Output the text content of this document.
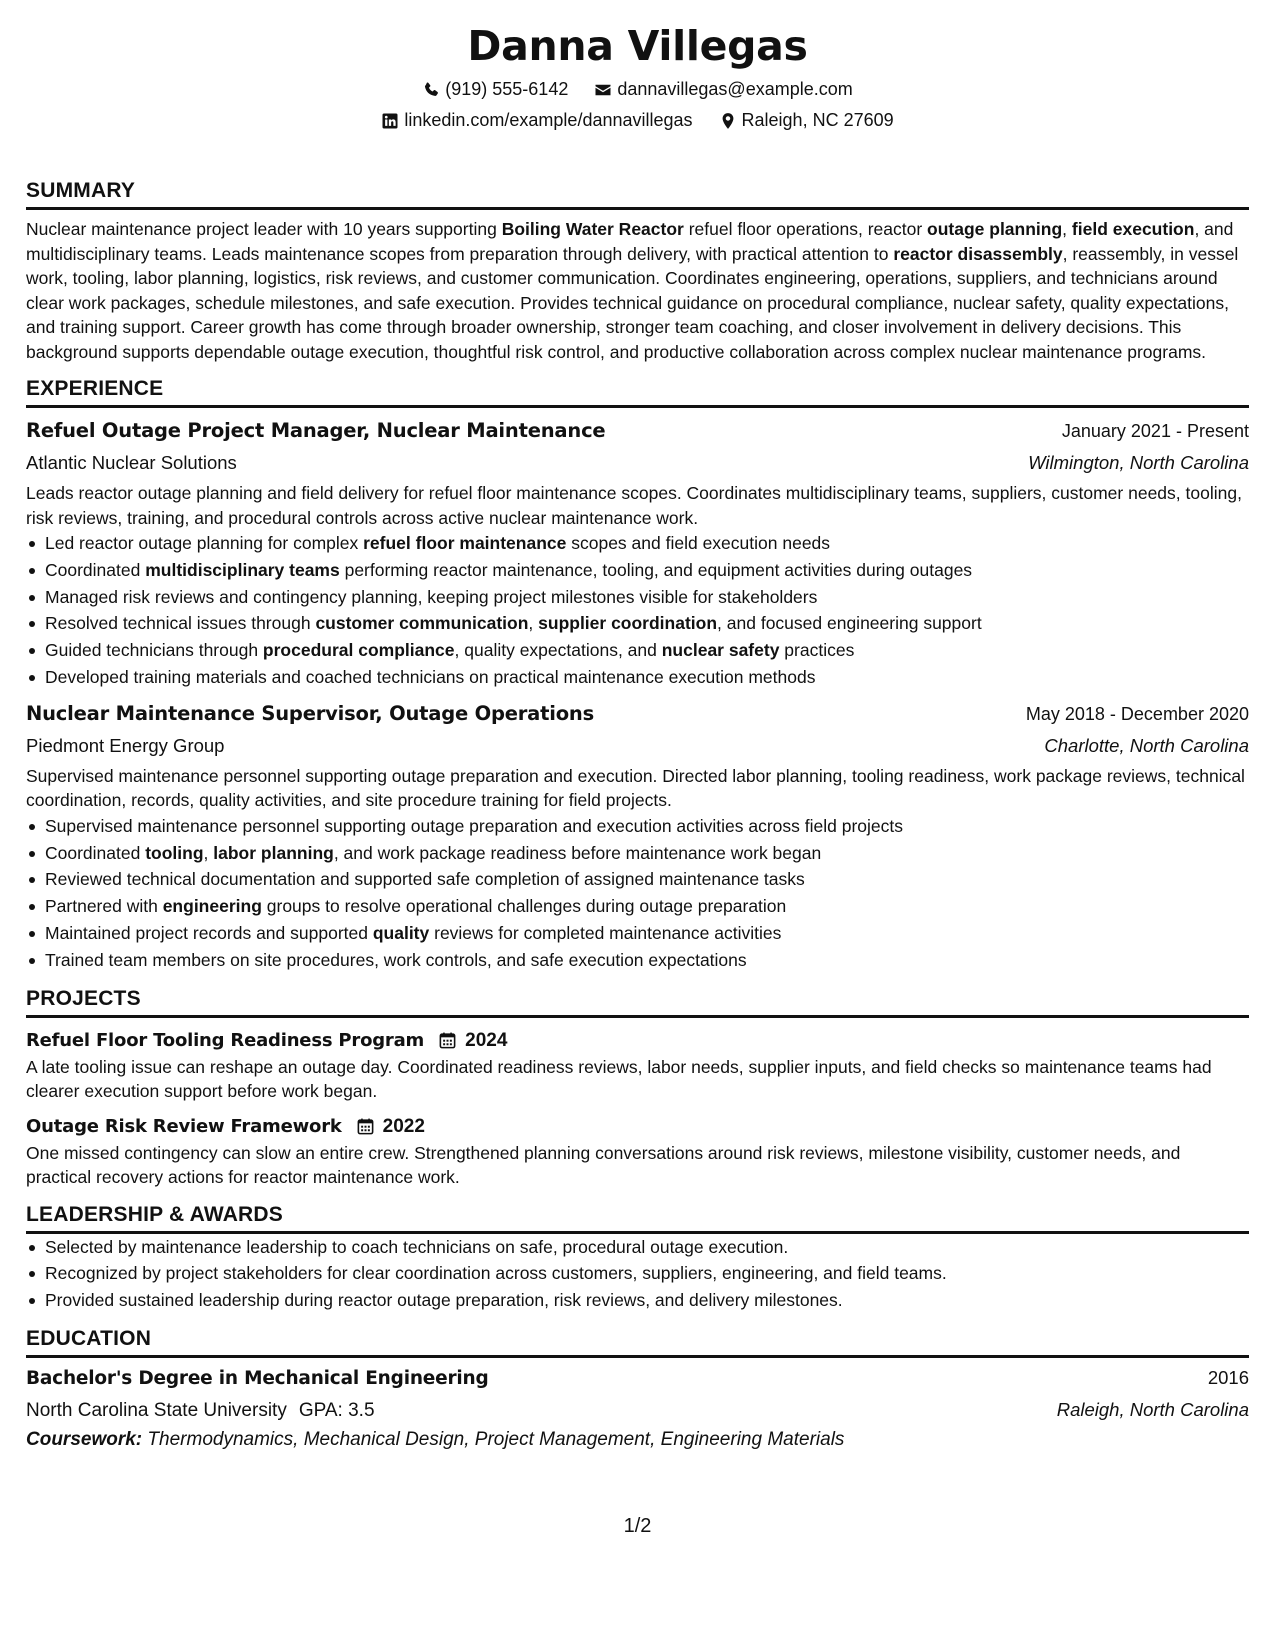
Danna Villegas
(919) 555-6142	dannavillegas@example.com
linkedin.com/example/dannavillegas	Raleigh, NC 27609
SUMMARY
Nuclear maintenance project leader with 10 years supporting Boiling Water Reactor refuel floor operations, reactor outage planning, field execution, and multidisciplinary teams. Leads maintenance scopes from preparation through delivery, with practical attention to reactor disassembly, reassembly, in vessel work, tooling, labor planning, logistics, risk reviews, and customer communication. Coordinates engineering, operations, suppliers, and technicians around clear work packages, schedule milestones, and safe execution. Provides technical guidance on procedural compliance, nuclear safety, quality expectations, and training support. Career growth has come through broader ownership, stronger team coaching, and closer involvement in delivery decisions. This background supports dependable outage execution, thoughtful risk control, and productive collaboration across complex nuclear maintenance programs.
EXPERIENCE
Refuel Outage Project Manager, Nuclear Maintenance	January 2021 - Present
Atlantic Nuclear Solutions	Wilmington, North Carolina
Leads reactor outage planning and field delivery for refuel floor maintenance scopes. Coordinates multidisciplinary teams, suppliers, customer needs, tooling, risk reviews, training, and procedural controls across active nuclear maintenance work.
Led reactor outage planning for complex refuel floor maintenance scopes and field execution needs
Coordinated multidisciplinary teams performing reactor maintenance, tooling, and equipment activities during outages
Managed risk reviews and contingency planning, keeping project milestones visible for stakeholders
Resolved technical issues through customer communication, supplier coordination, and focused engineering support
Guided technicians through procedural compliance, quality expectations, and nuclear safety practices
Developed training materials and coached technicians on practical maintenance execution methods
Nuclear Maintenance Supervisor, Outage Operations	May 2018 - December 2020
Piedmont Energy Group	Charlotte, North Carolina
Supervised maintenance personnel supporting outage preparation and execution. Directed labor planning, tooling readiness, work package reviews, technical coordination, records, quality activities, and site procedure training for field projects.
Supervised maintenance personnel supporting outage preparation and execution activities across field projects
Coordinated tooling, labor planning, and work package readiness before maintenance work began
Reviewed technical documentation and supported safe completion of assigned maintenance tasks
Partnered with engineering groups to resolve operational challenges during outage preparation
Maintained project records and supported quality reviews for completed maintenance activities
Trained team members on site procedures, work controls, and safe execution expectations
PROJECTS
Refuel Floor Tooling Readiness Program 2024
A late tooling issue can reshape an outage day. Coordinated readiness reviews, labor needs, supplier inputs, and field checks so maintenance teams had clearer execution support before work began.
Outage Risk Review Framework 2022
One missed contingency can slow an entire crew. Strengthened planning conversations around risk reviews, milestone visibility, customer needs, and practical recovery actions for reactor maintenance work.
LEADERSHIP & AWARDS
Selected by maintenance leadership to coach technicians on safe, procedural outage execution.
Recognized by project stakeholders for clear coordination across customers, suppliers, engineering, and field teams.
Provided sustained leadership during reactor outage preparation, risk reviews, and delivery milestones.
EDUCATION
Bachelor's Degree in Mechanical Engineering	2016
North Carolina State University GPA: 3.5	Raleigh, North Carolina
Coursework: Thermodynamics, Mechanical Design, Project Management, Engineering Materials
1/2
